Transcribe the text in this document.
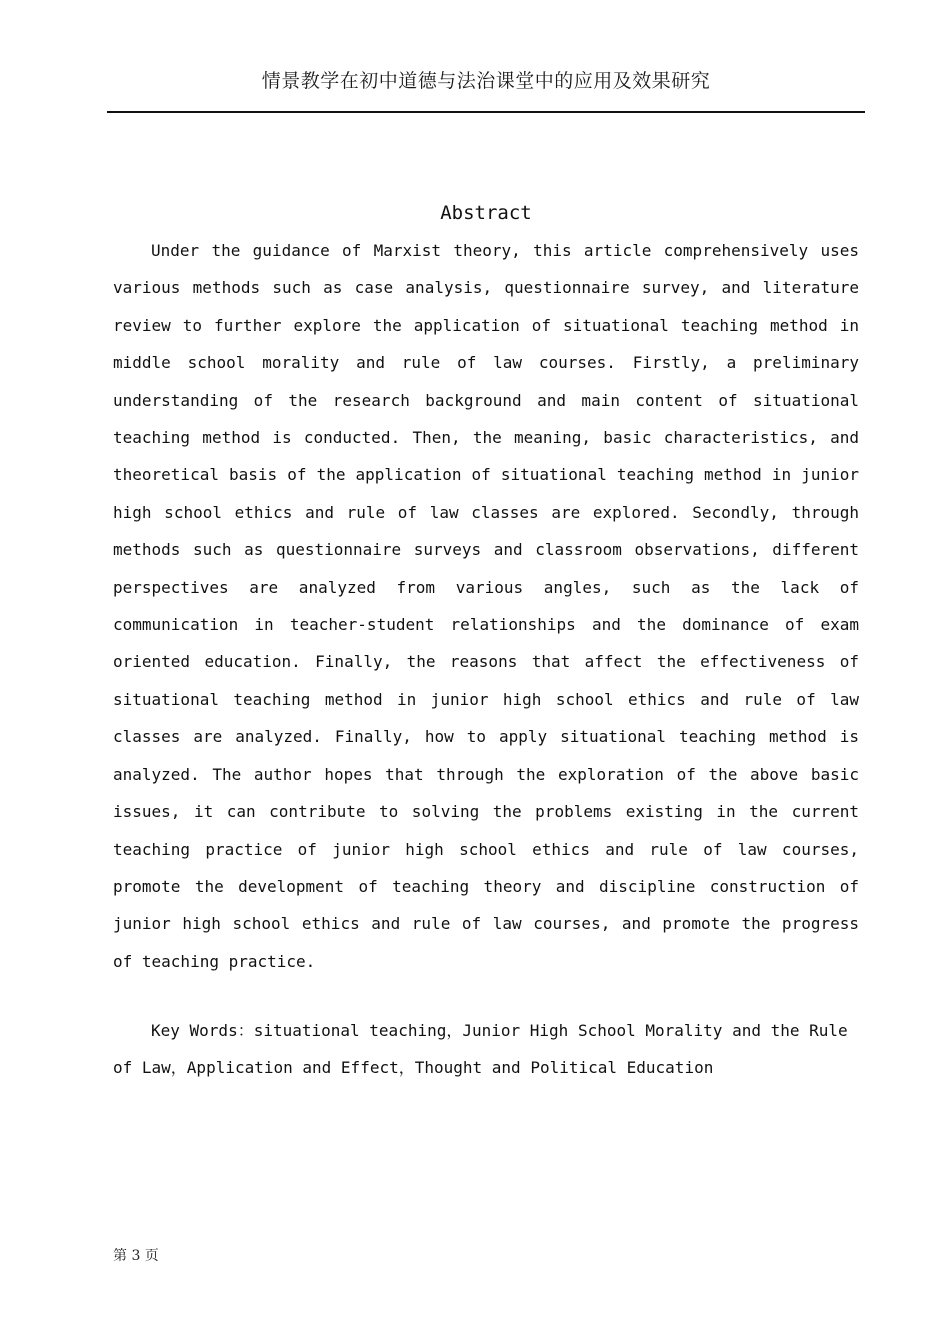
情景教学在初中道德与法治课堂中的应用及效果研究
Abstract

Under the guidance of Marxist theory, this article comprehensively uses various methods such as case analysis, questionnaire survey, and literature review to further explore the application of situational teaching method in middle school morality and rule of law courses. Firstly, a preliminary understanding of the research background and main content of situational teaching method is conducted. Then, the meaning, basic characteristics, and theoretical basis of the application of situational teaching method in junior high school ethics and rule of law classes are explored. Secondly, through methods such as questionnaire surveys and classroom observations, different perspectives are analyzed from various angles, such as the lack of communication in teacher-student relationships and the dominance of exam oriented education. Finally, the reasons that affect the effectiveness of situational teaching method in junior high school ethics and rule of law classes are analyzed. Finally, how to apply situational teaching method is analyzed. The author hopes that through the exploration of the above basic issues, it can contribute to solving the problems existing in the current teaching practice of junior high school ethics and rule of law courses, promote the development of teaching theory and discipline construction of junior high school ethics and rule of law courses, and promote the progress of teaching practice.

Key Words：situational teaching，Junior High School Morality and the Rule of Law，Application and Effect，Thought and Political Education

第 3 页
